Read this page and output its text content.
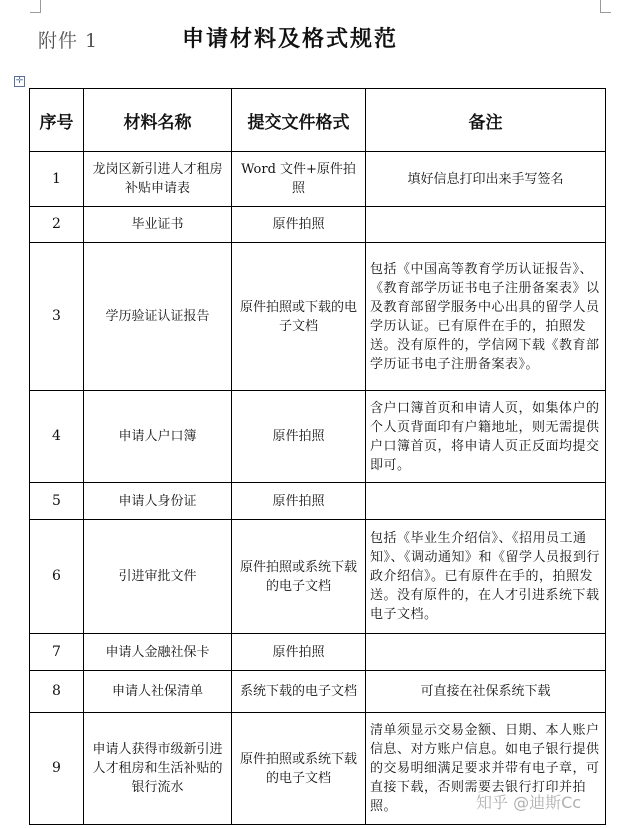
附件 1	申请材料及格式规范
✛
序号	材料名称	提交文件格式	备注
1	龙岗区新引进人才租房补贴申请表	Word 文件+原件拍照	填好信息打印出来手写签名
2	毕业证书	原件拍照	
3	学历验证认证报告	原件拍照或下载的电子文档	包括《中国高等教育学历认证报告》、《教育部学历证书电子注册备案表》以及教育部留学服务中心出具的留学人员学历认证。已有原件在手的，拍照发送。没有原件的，学信网下载《教育部学历证书电子注册备案表》。
4	申请人户口簿	原件拍照	含户口簿首页和申请人页，如集体户的个人页背面印有户籍地址，则无需提供户口簿首页，将申请人页正反面均提交即可。
5	申请人身份证	原件拍照	
6	引进审批文件	原件拍照或系统下载的电子文档	包括《毕业生介绍信》、《招用员工通知》、《调动通知》和《留学人员报到行政介绍信》。已有原件在手的，拍照发送。没有原件的，在人才引进系统下载电子文档。
7	申请人金融社保卡	原件拍照	
8	申请人社保清单	系统下载的电子文档	可直接在社保系统下载
9	申请人获得市级新引进人才租房和生活补贴的银行流水	原件拍照或系统下载的电子文档	清单须显示交易金额、日期、本人账户信息、对方账户信息。如电子银行提供的交易明细满足要求并带有电子章，可直接下载，否则需要去银行打印并拍照。	知乎 @迪斯Cc
